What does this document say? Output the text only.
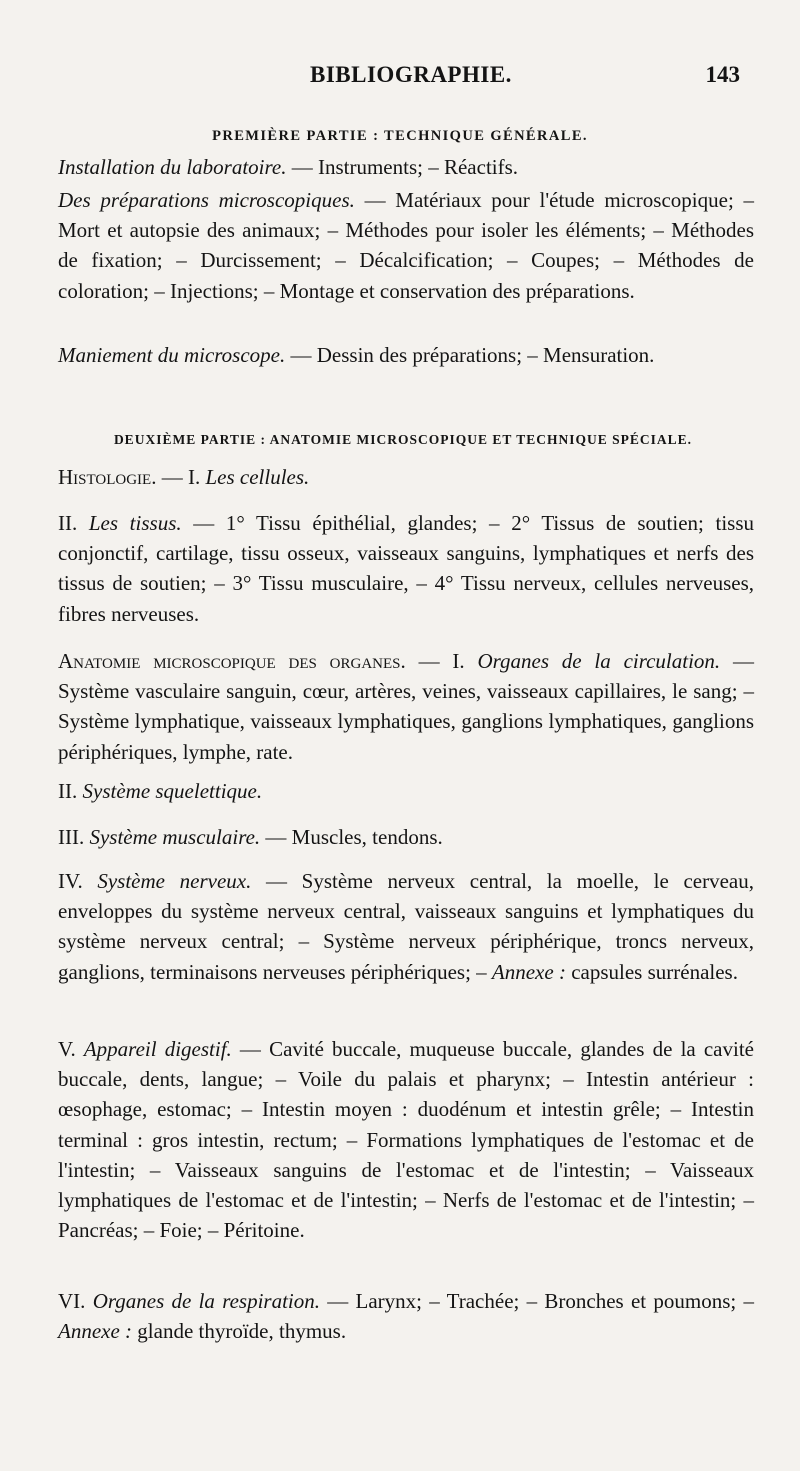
BIBLIOGRAPHIE.	143
PREMIÈRE PARTIE : TECHNIQUE GÉNÉRALE.

Installation du laboratoire. — Instruments; – Réactifs.

Des préparations microscopiques. — Matériaux pour l'étude microscopique; – Mort et autopsie des animaux; – Méthodes pour isoler les éléments; – Méthodes de fixation; – Durcissement; – Décalcification; – Coupes; – Méthodes de coloration; – Injections; – Montage et conservation des préparations.

Maniement du microscope. — Dessin des préparations; – Mensuration.

DEUXIÈME PARTIE : ANATOMIE MICROSCOPIQUE ET TECHNIQUE SPÉCIALE.

Histologie. — I. Les cellules.

II. Les tissus. — 1° Tissu épithélial, glandes; – 2° Tissus de soutien; tissu conjonctif, cartilage, tissu osseux, vaisseaux sanguins, lymphatiques et nerfs des tissus de soutien; – 3° Tissu musculaire, – 4° Tissu nerveux, cellules nerveuses, fibres nerveuses.

Anatomie microscopique des organes. — I. Organes de la circulation. — Système vasculaire sanguin, cœur, artères, veines, vaisseaux capillaires, le sang; – Système lymphatique, vaisseaux lymphatiques, ganglions lymphatiques, ganglions périphériques, lymphe, rate.

II. Système squelettique.

III. Système musculaire. — Muscles, tendons.

IV. Système nerveux. — Système nerveux central, la moelle, le cerveau, enveloppes du système nerveux central, vaisseaux sanguins et lymphatiques du système nerveux central; – Système nerveux périphérique, troncs nerveux, ganglions, terminaisons nerveuses périphériques; – Annexe : capsules surrénales.

V. Appareil digestif. — Cavité buccale, muqueuse buccale, glandes de la cavité buccale, dents, langue; – Voile du palais et pharynx; – Intestin antérieur : œsophage, estomac; – Intestin moyen : duodénum et intestin grêle; – Intestin terminal : gros intestin, rectum; – Formations lymphatiques de l'estomac et de l'intestin; – Vaisseaux sanguins de l'estomac et de l'intestin; – Vaisseaux lymphatiques de l'estomac et de l'intestin; – Nerfs de l'estomac et de l'intestin; – Pancréas; – Foie; – Péritoine.

VI. Organes de la respiration. — Larynx; – Trachée; – Bronches et poumons; – Annexe : glande thyroïde, thymus.
